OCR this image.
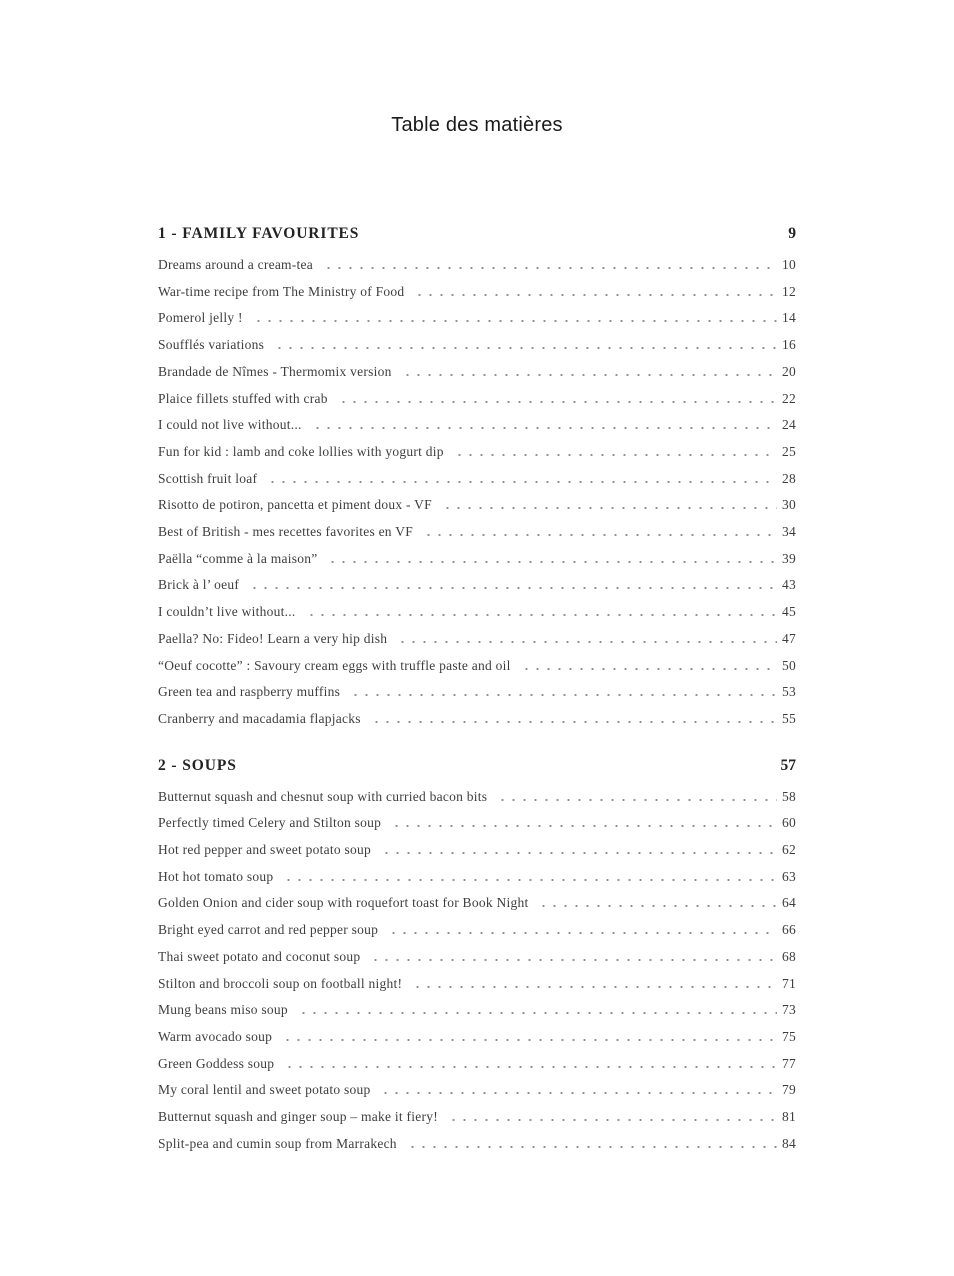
Table des matières
1 - FAMILY FAVOURITES	9
Dreams around a cream-tea	10
War-time recipe from The Ministry of Food	12
Pomerol jelly !	14
Soufflés variations	16
Brandade de Nîmes - Thermomix version	20
Plaice fillets stuffed with crab	22
I could not live without...	24
Fun for kid : lamb and coke lollies with yogurt dip	25
Scottish fruit loaf	28
Risotto de potiron, pancetta et piment doux - VF	30
Best of British - mes recettes favorites en VF	34
Paëlla “comme à la maison”	39
Brick à l’ oeuf	43
I couldn’t live without...	45
Paella? No: Fideo! Learn a very hip dish	47
“Oeuf cocotte” : Savoury cream eggs with truffle paste and oil	50
Green tea and raspberry muffins	53
Cranberry and macadamia flapjacks	55
2 - SOUPS	57
Butternut squash and chesnut soup with curried bacon bits	58
Perfectly timed Celery and Stilton soup	60
Hot red pepper and sweet potato soup	62
Hot hot tomato soup	63
Golden Onion and cider soup with roquefort toast for Book Night	64
Bright eyed carrot and red pepper soup	66
Thai sweet potato and coconut soup	68
Stilton and broccoli soup on football night!	71
Mung beans miso soup	73
Warm avocado soup	75
Green Goddess soup	77
My coral lentil and sweet potato soup	79
Butternut squash and ginger soup – make it fiery!	81
Split-pea and cumin soup from Marrakech	84
